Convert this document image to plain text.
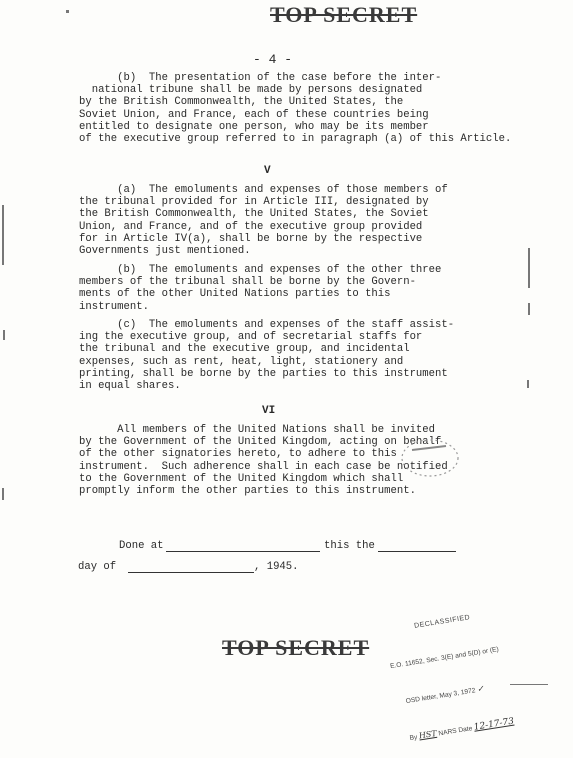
TOP SECRET
- 4 -
(b)  The presentation of the case before the inter-
national tribune shall be made by persons designated
by the British Commonwealth, the United States, the
Soviet Union, and France, each of these countries being
entitled to designate one person, who may be its member
of the executive group referred to in paragraph (a) of this Article.
V
(a)  The emoluments and expenses of those members of
the tribunal provided for in Article III, designated by
the British Commonwealth, the United States, the Soviet
Union, and France, and of the executive group provided
for in Article IV(a), shall be borne by the respective
Governments just mentioned.
(b)  The emoluments and expenses of the other three
members of the tribunal shall be borne by the Govern-
ments of the other United Nations parties to this
instrument.
(c)  The emoluments and expenses of the staff assist-
ing the executive group, and of secretarial staffs for
the tribunal and the executive group, and incidental
expenses, such as rent, heat, light, stationery and
printing, shall be borne by the parties to this instrument
in equal shares.
VI
All members of the United Nations shall be invited
by the Government of the United Kingdom, acting on behalf
of the other signatories hereto, to adhere to this
instrument.  Such adherence shall in each case be notified
to the Government of the United Kingdom which shall
promptly inform the other parties to this instrument.
Done at	this the
day of	, 1945.

DECLASSIFIED

E.O. 11652, Sec. 3(E) and 5(D) or (E)

OSD letter, May 3, 1972 ✓

By HST NARS Date 12-17-73

TOP SECRET
